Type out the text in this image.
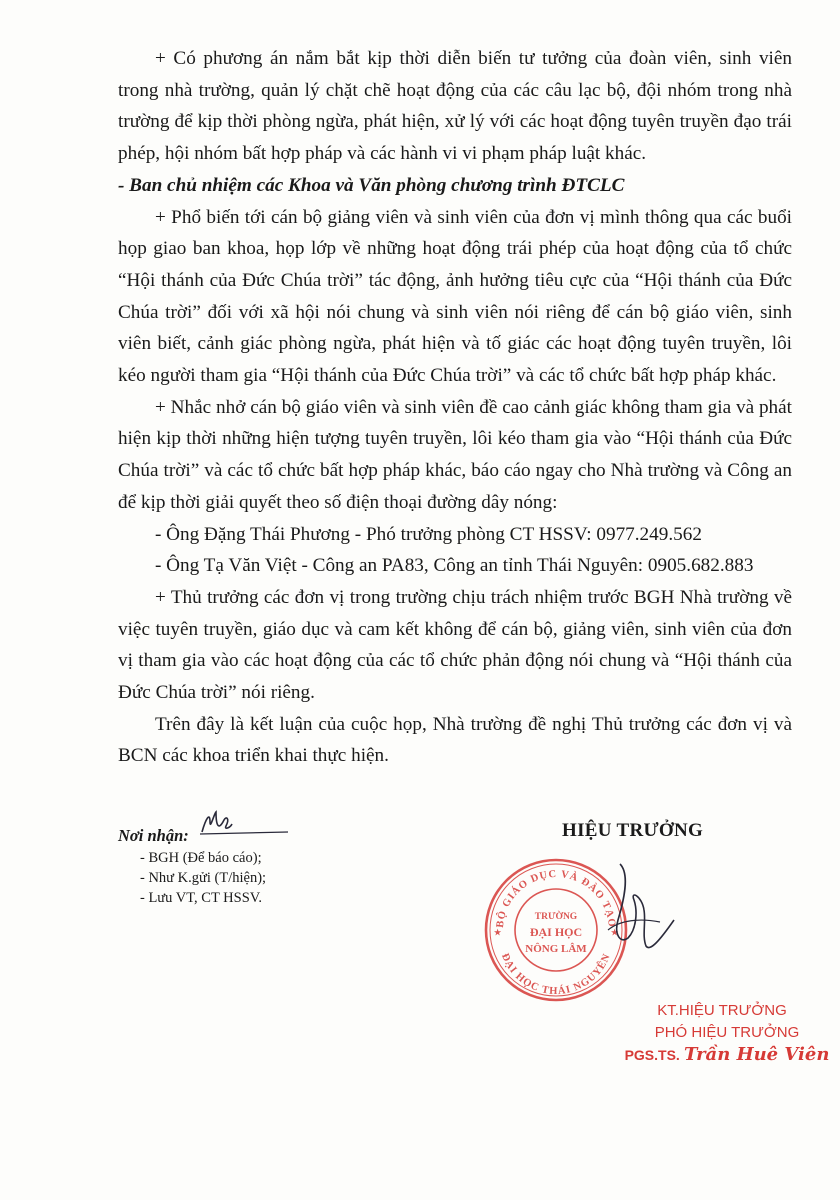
+ Có phương án nắm bắt kịp thời diễn biến tư tưởng của đoàn viên, sinh viên trong nhà trường, quản lý chặt chẽ hoạt động của các câu lạc bộ, đội nhóm trong nhà trường để kịp thời phòng ngừa, phát hiện, xử lý với các hoạt động tuyên truyền đạo trái phép, hội nhóm bất hợp pháp và các hành vi vi phạm pháp luật khác.

- Ban chủ nhiệm các Khoa và Văn phòng chương trình ĐTCLC

+ Phổ biến tới cán bộ giảng viên và sinh viên của đơn vị mình thông qua các buổi họp giao ban khoa, họp lớp về những hoạt động trái phép của hoạt động của tổ chức “Hội thánh của Đức Chúa trời” tác động, ảnh hưởng tiêu cực của “Hội thánh của Đức Chúa trời” đối với xã hội nói chung và sinh viên nói riêng để cán bộ giáo viên, sinh viên biết, cảnh giác phòng ngừa, phát hiện và tố giác các hoạt động tuyên truyền, lôi kéo người tham gia “Hội thánh của Đức Chúa trời” và các tổ chức bất hợp pháp khác.

+ Nhắc nhở cán bộ giáo viên và sinh viên đề cao cảnh giác không tham gia và phát hiện kịp thời những hiện tượng tuyên truyền, lôi kéo tham gia vào “Hội thánh của Đức Chúa trời” và các tổ chức bất hợp pháp khác, báo cáo ngay cho Nhà trường và Công an để kịp thời giải quyết theo số điện thoại đường dây nóng:

- Ông Đặng Thái Phương - Phó trưởng phòng CT HSSV: 0977.249.562

- Ông Tạ Văn Việt - Công an PA83, Công an tỉnh Thái Nguyên: 0905.682.883

+ Thủ trưởng các đơn vị trong trường chịu trách nhiệm trước BGH Nhà trường về việc tuyên truyền, giáo dục và cam kết không để cán bộ, giảng viên, sinh viên của đơn vị tham gia vào các hoạt động của các tổ chức phản động nói chung và “Hội thánh của Đức Chúa trời” nói riêng.

Trên đây là kết luận của cuộc họp, Nhà trường đề nghị Thủ trưởng các đơn vị và BCN các khoa triển khai thực hiện.

Nơi nhận:
- BGH (Để báo cáo);
- Như K.gửi (T/hiện);
- Lưu VT, CT HSSV.
HIỆU TRƯỞNG
BỘ GIÁO DỤC VÀ ĐÀO TẠO
ĐẠI HỌC THÁI NGUYÊN
TRƯỜNG
ĐẠI HỌC
NÔNG LÂM
★	★
KT.HIỆU TRƯỞNG
PHÓ HIỆU TRƯỞNG
PGS.TS. Trần Huê Viên
